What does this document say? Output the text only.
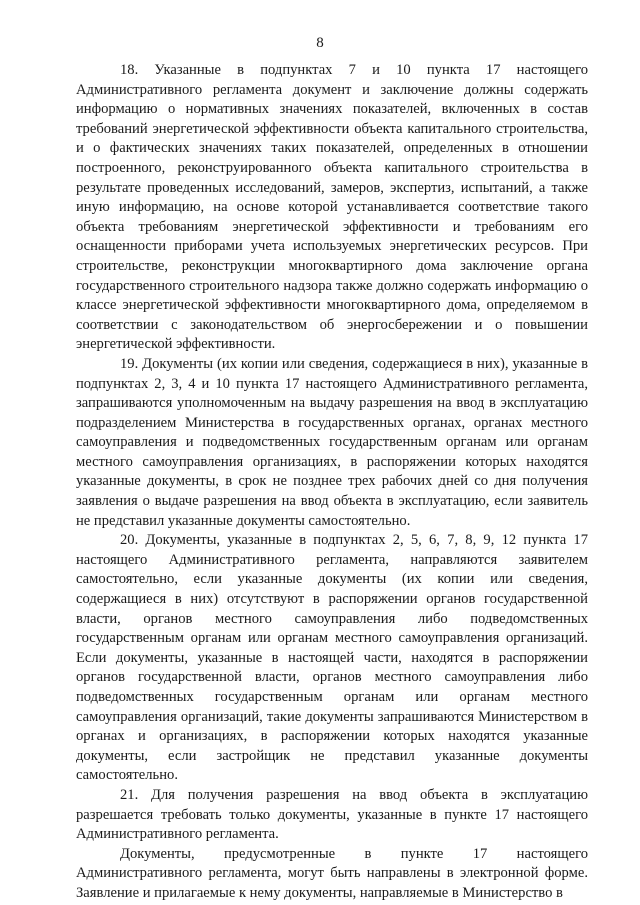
8

18. Указанные в подпунктах 7 и 10 пункта 17 настоящего Административного регламента документ и заключение должны содержать информацию о нормативных значениях показателей, включенных в состав требований энергетической эффективности объекта капитального строительства, и о фактических значениях таких показателей, определенных в отношении построенного, реконструированного объекта капитального строительства в результате проведенных исследований, замеров, экспертиз, испытаний, а также иную информацию, на основе которой устанавливается соответствие такого объекта требованиям энергетической эффективности и требованиям его оснащенности приборами учета используемых энергетических ресурсов. При строительстве, реконструкции многоквартирного дома заключение органа государственного строительного надзора также должно содержать информацию о классе энергетической эффективности многоквартирного дома, определяемом в соответствии с законодательством об энергосбережении и о повышении энергетической эффективности.

19. Документы (их копии или сведения, содержащиеся в них), указанные в подпунктах 2, 3, 4 и 10 пункта 17 настоящего Административного регламента, запрашиваются уполномоченным на выдачу разрешения на ввод в эксплуатацию подразделением Министерства в государственных органах, органах местного самоуправления и подведомственных государственным органам или органам местного самоуправления организациях, в распоряжении которых находятся указанные документы, в срок не позднее трех рабочих дней со дня получения заявления о выдаче разрешения на ввод объекта в эксплуатацию, если заявитель не представил указанные документы самостоятельно.

20. Документы, указанные в подпунктах 2, 5, 6, 7, 8, 9, 12 пункта 17 настоящего Административного регламента, направляются заявителем самостоятельно, если указанные документы (их копии или сведения, содержащиеся в них) отсутствуют в распоряжении органов государственной власти, органов местного самоуправления либо подведомственных государственным органам или органам местного самоуправления организаций. Если документы, указанные в настоящей части, находятся в распоряжении органов государственной власти, органов местного самоуправления либо подведомственных государственным органам или органам местного самоуправления организаций, такие документы запрашиваются Министерством в органах и организациях, в распоряжении которых находятся указанные документы, если застройщик не представил указанные документы самостоятельно.

21. Для получения разрешения на ввод объекта в эксплуатацию разрешается требовать только документы, указанные в пункте 17 настоящего Административного регламента.

Документы, предусмотренные в пункте 17 настоящего Административного регламента, могут быть направлены в электронной форме. Заявление и прилагаемые к нему документы, направляемые в Министерство в
